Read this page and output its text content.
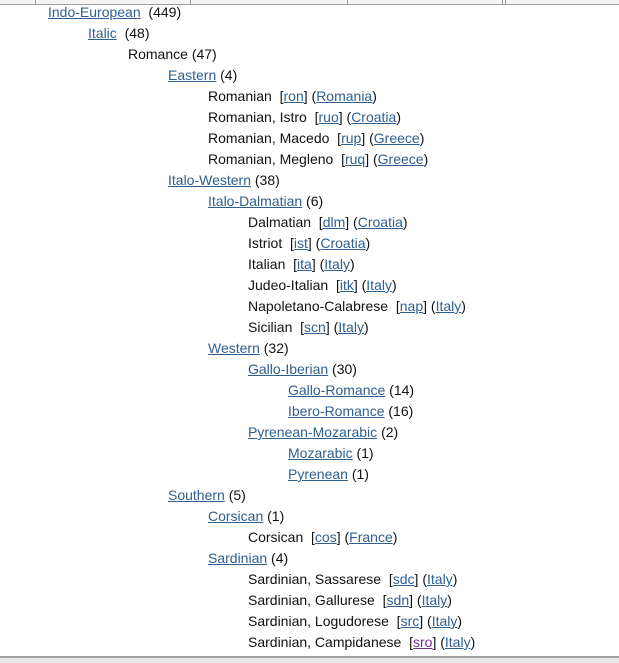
Indo-European (449)
Italic (48)
Romance (47)
Eastern (4)
Romanian  [ron] (Romania)
Romanian, Istro  [ruo] (Croatia)
Romanian, Macedo  [rup] (Greece)
Romanian, Megleno  [ruq] (Greece)
Italo-Western (38)
Italo-Dalmatian (6)
Dalmatian  [dlm] (Croatia)
Istriot  [ist] (Croatia)
Italian  [ita] (Italy)
Judeo-Italian  [itk] (Italy)
Napoletano-Calabrese  [nap] (Italy)
Sicilian  [scn] (Italy)
Western (32)
Gallo-Iberian (30)
Gallo-Romance (14)
Ibero-Romance (16)
Pyrenean-Mozarabic (2)
Mozarabic (1)
Pyrenean (1)
Southern (5)
Corsican (1)
Corsican  [cos] (France)
Sardinian (4)
Sardinian, Sassarese  [sdc] (Italy)
Sardinian, Gallurese  [sdn] (Italy)
Sardinian, Logudorese  [src] (Italy)
Sardinian, Campidanese  [sro] (Italy)
